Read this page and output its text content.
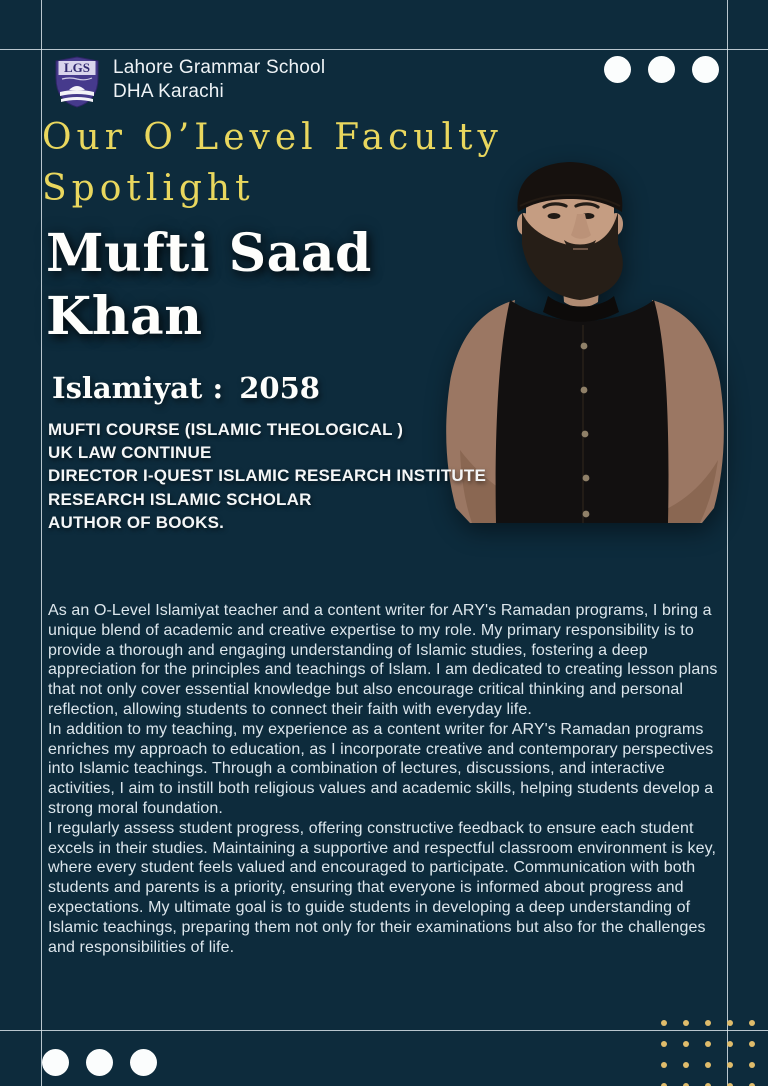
LGS Lahore Grammar School
DHA Karachi
Our O’Level Faculty
Spotlight
Mufti Saad
Khan
Islamiyat : 2058
MUFTI COURSE (ISLAMIC THEOLOGICAL )
UK LAW CONTINUE
DIRECTOR I-QUEST ISLAMIC RESEARCH INSTITUTE
RESEARCH ISLAMIC SCHOLAR
AUTHOR OF BOOKS.

As an O-Level Islamiyat teacher and a content writer for ARY's Ramadan programs, I bring a unique blend of academic and creative expertise to my role. My primary responsibility is to provide a thorough and engaging understanding of Islamic studies, fostering a deep appreciation for the principles and teachings of Islam. I am dedicated to creating lesson plans that not only cover essential knowledge but also encourage critical thinking and personal reflection, allowing students to connect their faith with everyday life.

In addition to my teaching, my experience as a content writer for ARY's Ramadan programs enriches my approach to education, as I incorporate creative and contemporary perspectives into Islamic teachings. Through a combination of lectures, discussions, and interactive activities, I aim to instill both religious values and academic skills, helping students develop a strong moral foundation.

I regularly assess student progress, offering constructive feedback to ensure each student excels in their studies. Maintaining a supportive and respectful classroom environment is key, where every student feels valued and encouraged to participate. Communication with both students and parents is a priority, ensuring that everyone is informed about progress and expectations. My ultimate goal is to guide students in developing a deep understanding of Islamic teachings, preparing them not only for their examinations but also for the challenges and responsibilities of life.
